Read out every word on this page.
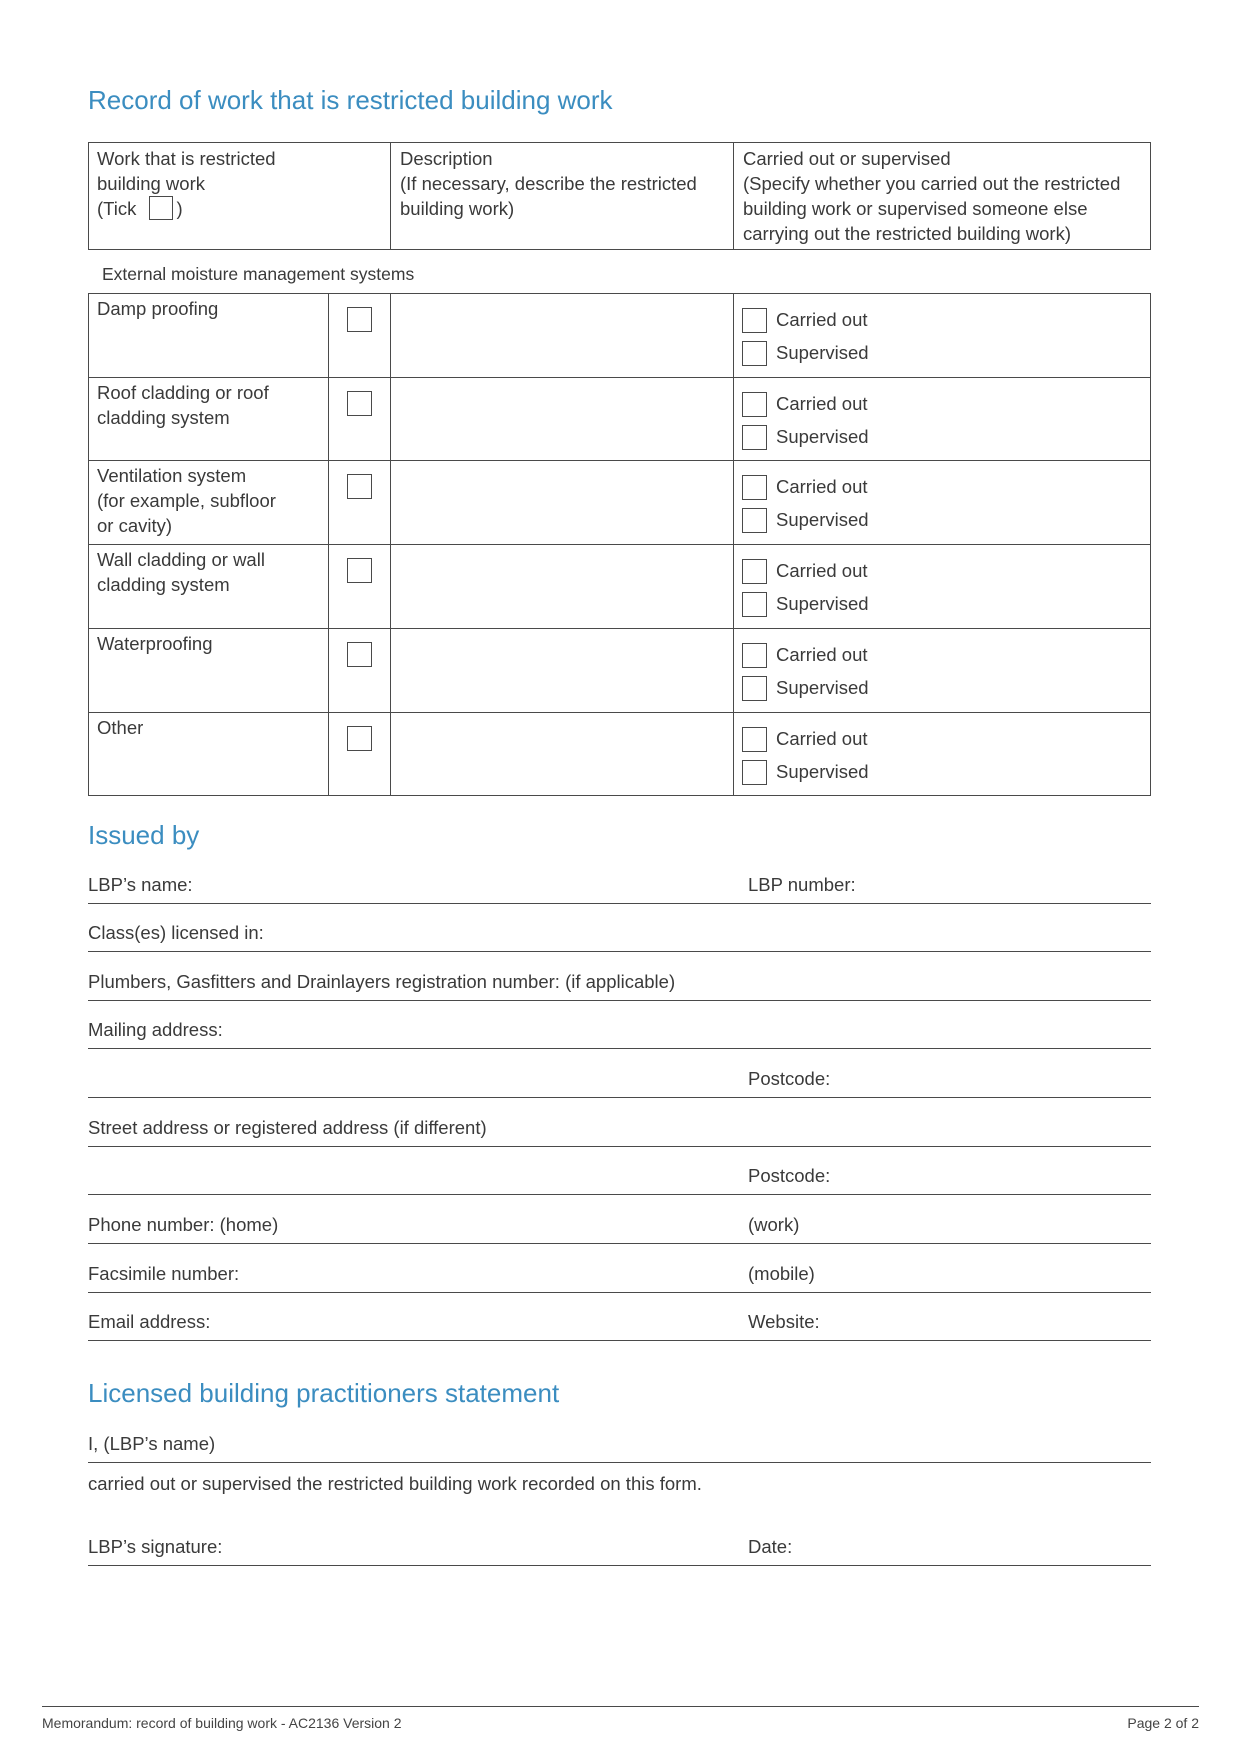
Record of work that is restricted building work
Work that is restricted
building work
(Tick )
Description
(If necessary, describe the restricted
building work)
Carried out or supervised
(Specify whether you carried out the restricted
building work or supervised someone else
carrying out the restricted building work)
External moisture management systems
Damp proofing
Carried out
Supervised
Roof cladding or roof
cladding system
Carried out
Supervised
Ventilation system
(for example, subfloor
or cavity)
Carried out
Supervised
Wall cladding or wall
cladding system
Carried out
Supervised
Waterproofing
Carried out
Supervised
Other
Carried out
Supervised
Issued by
LBP’s name:	LBP number:
Class(es) licensed in:
Plumbers, Gasfitters and Drainlayers registration number: (if applicable)
Mailing address:
Postcode:
Street address or registered address (if different)
Postcode:
Phone number: (home)	(work)
Facsimile number:	(mobile)
Email address:	Website:
Licensed building practitioners statement
I, (LBP’s name)
carried out or supervised the restricted building work recorded on this form.
LBP’s signature:	Date:
Memorandum: record of building work - AC2136 Version 2	Page 2 of 2
